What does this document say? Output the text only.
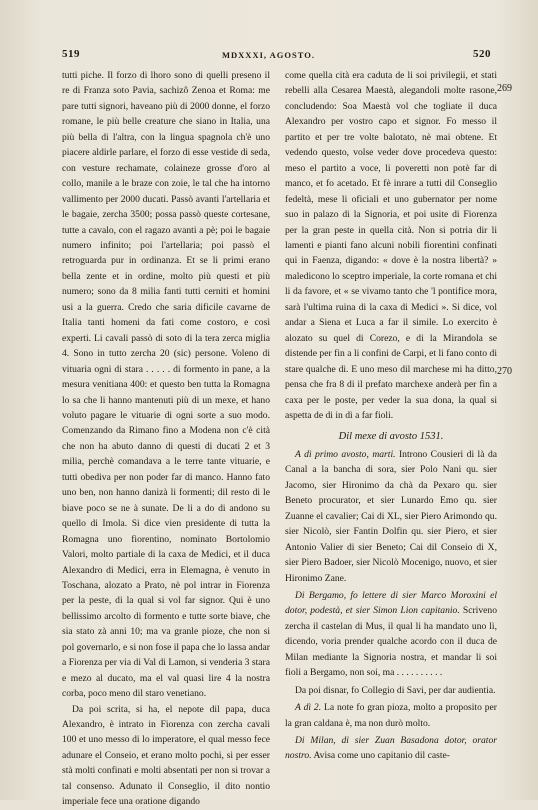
519	MDXXXI, AGOSTO.	520

tutti piche. Il forzo di lhoro sono di quelli preseno il re di Franza soto Pavia, sachizô Zenoa et Roma: me pare tutti signori, haveano più di 2000 donne, el forzo romane, le più belle creature che siano in Italia, una più bella di l'altra, con la lingua spagnola ch'è uno piacere aldirle parlare, el forzo di esse vestide di seda, con vesture rechamate, colaineze grosse d'oro al collo, manile a le braze con zoie, le tal che ha intorno vallimento per 2000 ducati. Passò avanti l'artellaria et le bagaie, zercha 3500; possa passò queste cortesane, tutte a cavalo, con el ragazo avanti a pè; poi le bagaie numero infinito; poi l'artellaria; poi passò el retroguarda pur in ordinanza. Et se li primi erano bella zente et in ordine, molto più questi et più numero; sono da 8 milia fanti tutti cerniti et homini usi a la guerra. Credo che saria dificile cavarne de Italia tanti homeni da fati come costoro, e così experti. Li cavali passò di soto di la tera zerca miglia 4. Sono in tutto zercha 20 (sic) persone. Voleno di vituaria ogni di stara . . . . . di formento in pane, a la mesura venitiana 400: et questo ben tutta la Romagna lo sa che li hanno mantenuti più di un mexe, et hano voluto pagare le vituarie di ogni sorte a suo modo. Comenzando da Rimano fino a Modena non c'è cità che non ha abuto danno di questi di ducati 2 et 3 milia, perchè comandava a le terre tante vituarie, e tutti obediva per non poder far di manco. Hanno fato uno ben, non hanno danizà li formenti; dil resto di le biave poco se ne à sunate. De li a do di andono su quello di Imola. Si dice vien presidente di tutta la Romagna uno fiorentino, nominato Bortolomio Valori, molto partiale di la caxa de Medici, et il duca Alexandro di Medici, erra in Elemagna, è venuto in Toschana, alozato a Prato, nè pol intrar in Fiorenza per la peste, di la qual si vol far signor. Qui è uno bellissimo arcolto di formento e tutte sorte biave, che sia stato zà anni 10; ma va granle pioze, che non si pol governarlo, e si non fose il papa che lo lassa andar a Fiorenza per via di Val di Lamon, si venderia 3 stara e mezo al ducato, ma el val quasi lire 4 la nostra corba, poco meno dil staro venetiano.

Da poi scrita, si ha, el nepote dil papa, duca Alexandro, è intrato in Fiorenza con zercha cavali 100 et uno messo di lo imperatore, el qual messo fece adunare el Conseio, et erano molto pochi, si per esser stà molti confinati e molti absentati per non si trovar a tal consenso. Adunato il Conseglio, il dito nontio imperiale fece una oratione digando

come quella cità era caduta de li soi privilegii, et stati rebelli alla Cesarea Maestà, alegandoli molte rasone, concludendo: Soa Maestà vol che togliate il duca Alexandro per vostro capo et signor. Fo messo il partito et per tre volte balotato, nè mai obtene. Et vedendo questo, volse veder dove procedeva questo: meso el partito a voce, li poveretti non potè far di manco, et fo acetado. Et fè inrare a tutti dil Conseglio fedeltà, mese li oficiali et uno gubernator per nome suo in palazo di la Signoria, et poi usite di Fiorenza per la gran peste in quella cità. Non si potria dir li lamenti e pianti fano alcuni nobili fiorentini confinati qui in Faenza, digando: « dove è la nostra libertà? » maledicono lo sceptro imperiale, la corte romana et chi li da favore, et « se vivamo tanto che 'l pontifice mora, sarà l'ultima ruina di la caxa di Medici ». Si dice, vol andar a Siena et Luca a far il simile. Lo exercito è alozato su quel di Corezo, e di la Mirandola se distende per fin a li confini de Carpi, et li fano conto di stare qualche dì. E uno meso dil marchese mi ha ditto, pensa che fra 8 di il prefato marchexe anderà per fin a caxa per le poste, per veder la sua dona, la qual si aspetta de di in dì a far fioli.

Dil mexe di avosto 1531.

A dì primo avosto, marti. Introno Cousieri di là da Canal a la bancha di sora, sier Polo Nani qu. sier Jacomo, sier Hironimo da chà da Pexaro qu. sier Beneto procurator, et sier Lunardo Emo qu. sier Zuanne el cavalier; Cai di XL, sier Piero Arimondo qu. sier Nicolò, sier Fantin Dolfin qu. sier Piero, et sier Antonio Valier di sier Beneto; Cai dil Conseio di X, sier Piero Badoer, sier Nicolò Mocenigo, nuovo, et sier Hironimo Zane.

Di Bergamo, fo lettere di sier Marco Moroxini el dotor, podestà, et sier Simon Lion capitanio. Scriveno zercha il castelan di Mus, il qual li ha mandato uno lì, dicendo, voria prender qualche acordo con il duca de Milan mediante la Signoria nostra, et mandar li soi fioli a Bergamo, non soi, ma . . . . . . . . . .

Da poi disnar, fo Collegio di Savi, per dar audientia.

A dì 2. La note fo gran pioza, molto a proposito per la gran caldana è, ma non durò molto.

Di Milan, di sier Zuan Basadona dotor, orator nostro. Avisa come uno capitanio dil caste-

269
270
